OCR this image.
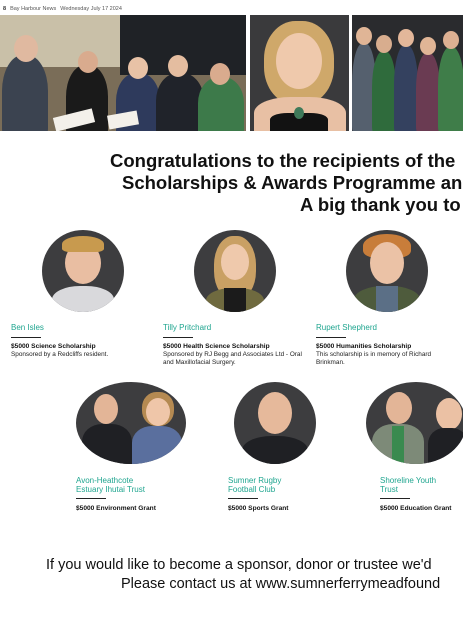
8 Bay Harbour News Wednesday July 17 2024
Congratulations to the recipients of the
Scholarships & Awards Programme an
A big thank you to
Ben Isles
$5000 Science Scholarship
Sponsored by a Redcliffs resident.
Tilly Pritchard
$5000 Health Science Scholarship
Sponsored by RJ Begg and Associates Ltd - Oral and Maxillofacial Surgery.
Rupert Shepherd
$5000 Humanities Scholarship
This scholarship is in memory of Richard Brinkman.
Avon-Heathcote
Estuary Ihutai Trust
$5000 Environment Grant
Sumner Rugby
Football Club
$5000 Sports Grant
Shoreline Youth
Trust
$5000 Education Grant
If you would like to become a sponsor, donor or trustee we'd
Please contact us at www.sumnerferrymeadfound
